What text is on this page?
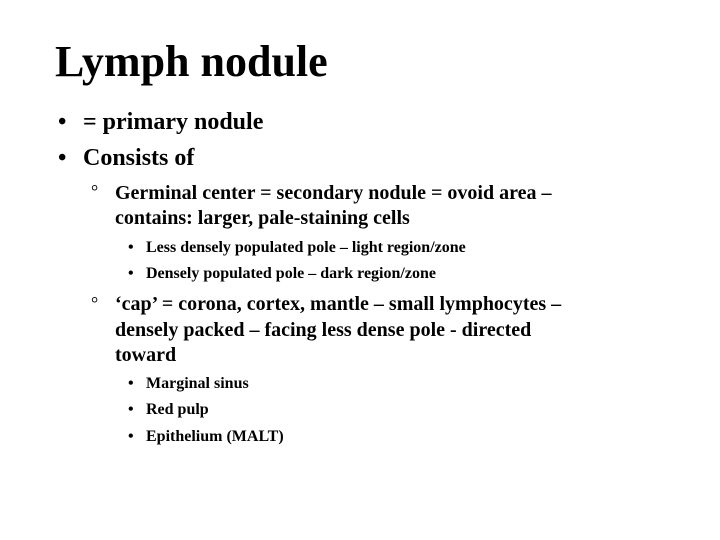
Lymph nodule
• = primary nodule
• Consists of
° Germinal center = secondary nodule = ovoid area –
contains: larger, pale-staining cells
• Less densely populated pole – light region/zone
• Densely populated pole – dark region/zone
° ‘cap’ = corona, cortex, mantle – small lymphocytes –
densely packed – facing less dense pole - directed
toward
• Marginal sinus
• Red pulp
• Epithelium (MALT)
